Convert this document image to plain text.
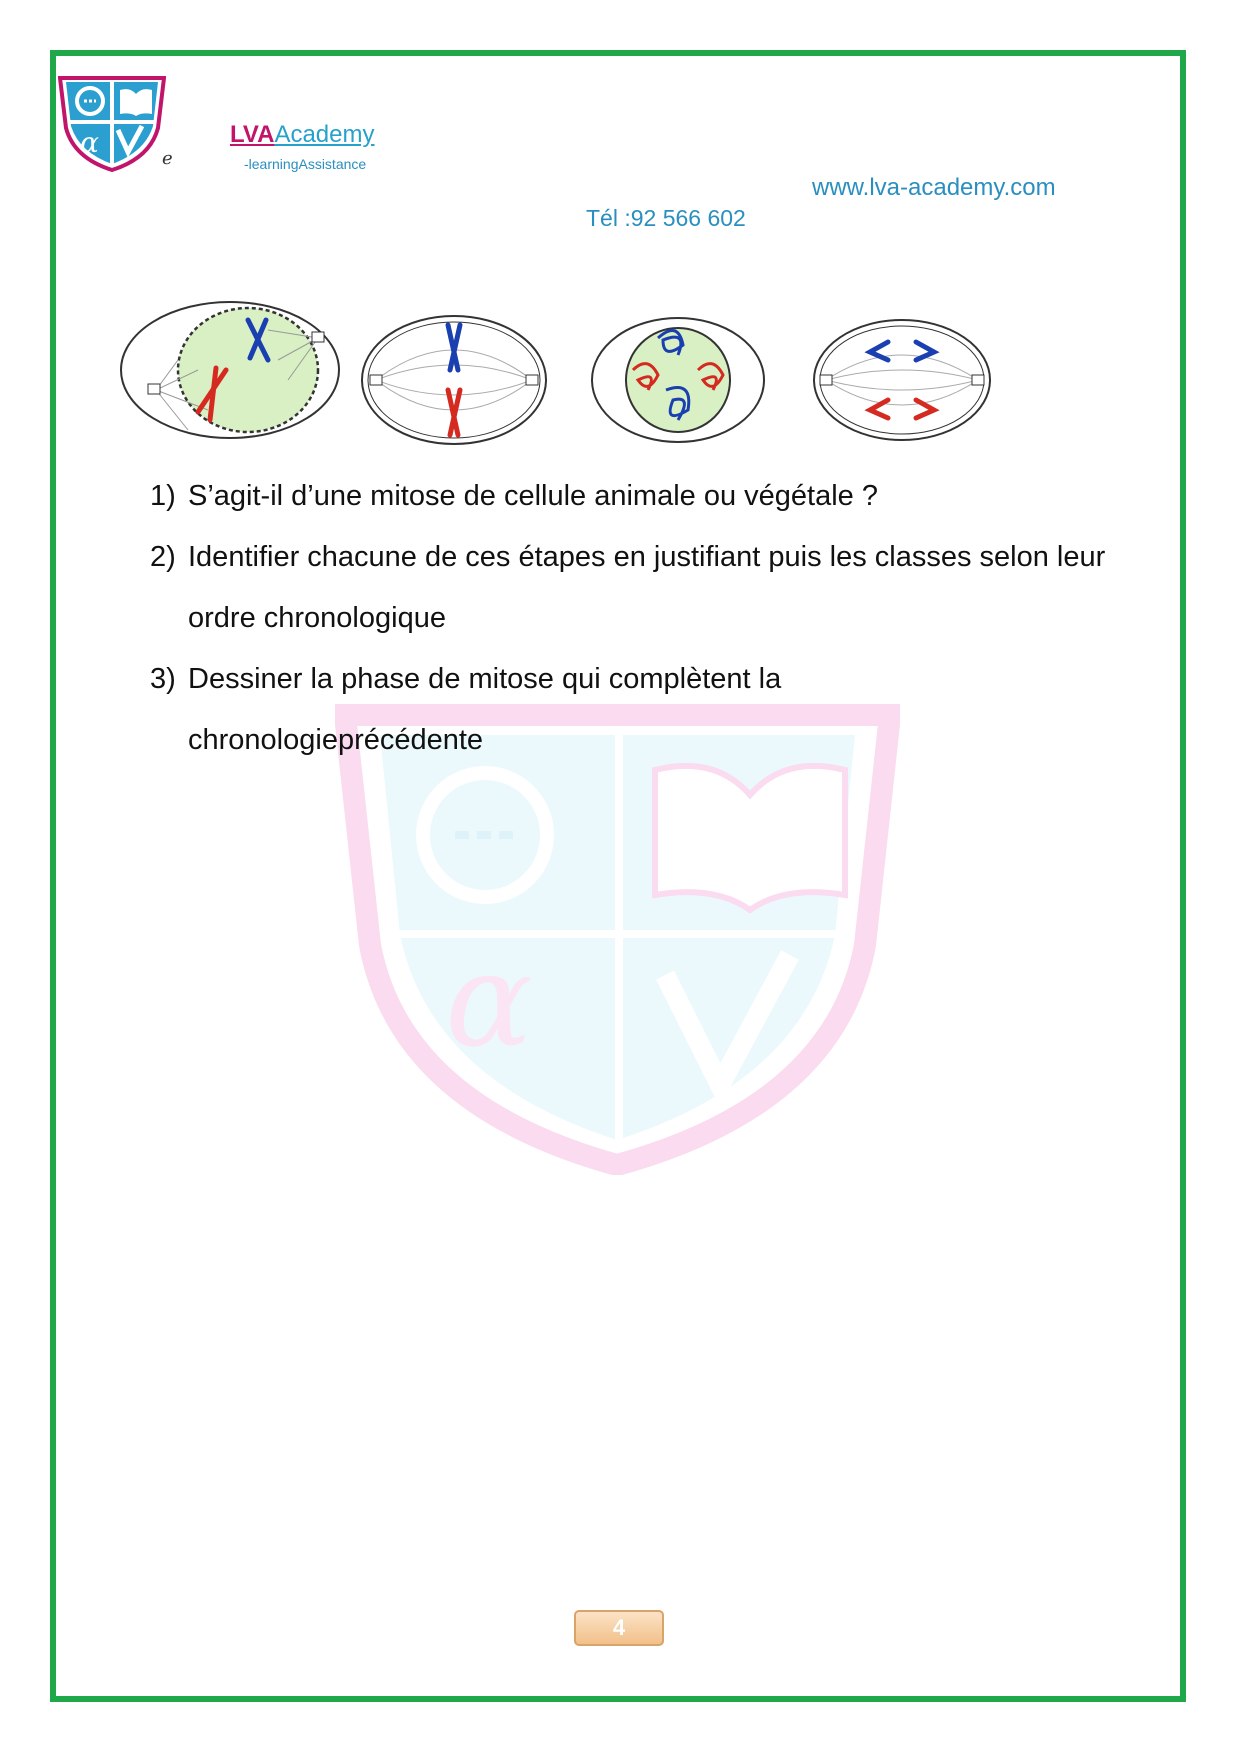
α
α	e
LVAAcademy
-learningAssistance
www.lva-academy.com
Tél :92 566 602
1) S’agit-il d’une mitose de cellule animale ou végétale ?
2) Identifier chacune de ces étapes en justifiant puis les classes selon leur ordre chronologique
3) Dessiner la phase de mitose qui complètent la chronologieprécédente
4
